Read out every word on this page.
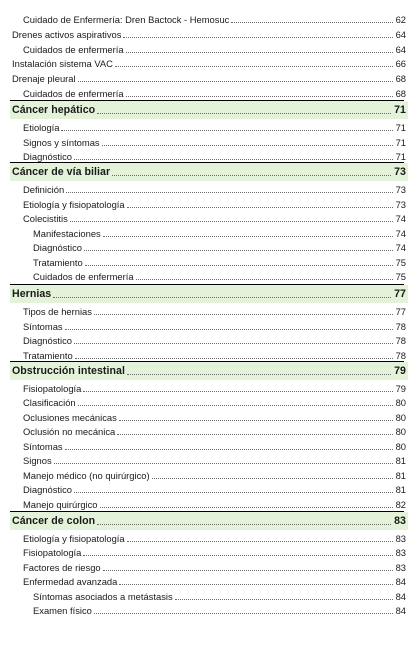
Cuidado de Enfermería: Dren Bactock - Hemosuc	62
Drenes activos aspirativos	64
Cuidados de enfermería	64
Instalación sistema VAC	66
Drenaje pleural	68
Cuidados de enfermería	68
Cáncer hepático	71
Etiología	71
Signos y síntomas	71
Diagnóstico	71
Cáncer de vía biliar	73
Definición	73
Etiología y fisiopatología	73
Colecistitis	74
Manifestaciones	74
Diagnóstico	74
Tratamiento	75
Cuidados de enfermería	75
Hernias	77
Tipos de hernias	77
Síntomas	78
Diagnóstico	78
Tratamiento	78
Obstrucción intestinal	79
Fisiopatología	79
Clasificación	80
Oclusiones mecánicas	80
Oclusión no mecánica	80
Síntomas	80
Signos	81
Manejo médico (no quirúrgico)	81
Diagnóstico	81
Manejo quirúrgico	82
Cáncer de colon	83
Etiología y fisiopatología	83
Fisiopatología	83
Factores de riesgo	83
Enfermedad avanzada	84
Síntomas asociados a metástasis	84
Examen físico	84
